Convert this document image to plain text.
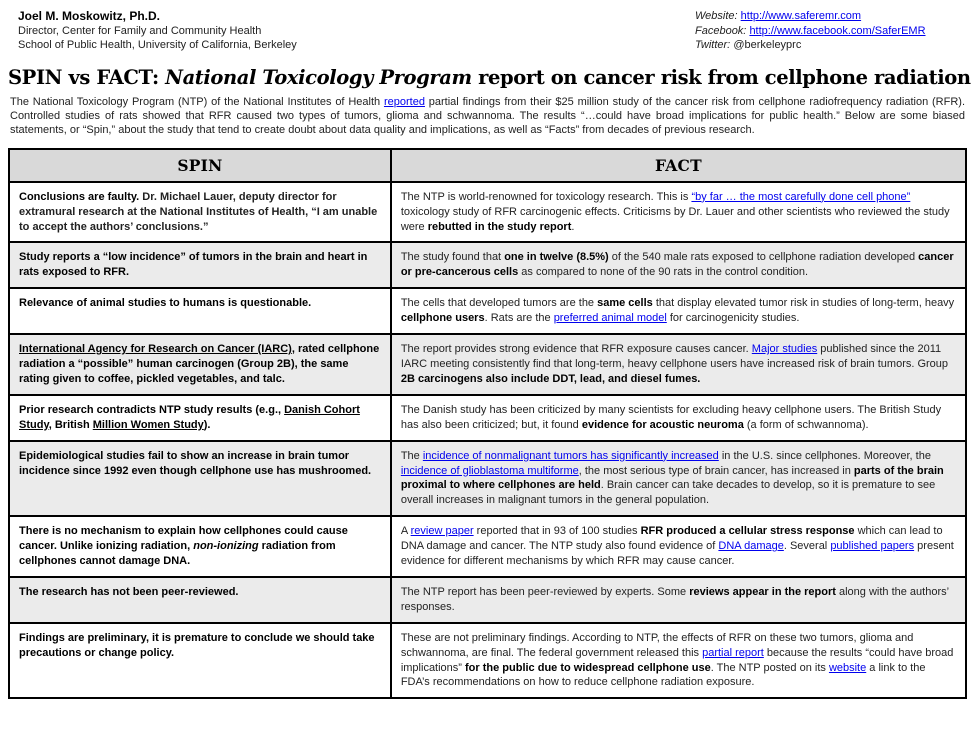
Joel M. Moskowitz, Ph.D.
Director, Center for Family and Community Health
School of Public Health, University of California, Berkeley
Website: http://www.saferemr.com
Facebook: http://www.facebook.com/SaferEMR
Twitter: @berkeleyprc
SPIN vs FACT: National Toxicology Program report on cancer risk from cellphone radiation

The National Toxicology Program (NTP) of the National Institutes of Health reported partial findings from their $25 million study of the cancer risk from cellphone radiofrequency radiation (RFR). Controlled studies of rats showed that RFR caused two types of tumors, glioma and schwannoma. The results “…could have broad implications for public health.” Below are some biased statements, or “Spin,” about the study that tend to create doubt about data quality and implications, as well as “Facts” from decades of previous research.

SPIN	FACT
Conclusions are faulty. Dr. Michael Lauer, deputy director for extramural research at the National Institutes of Health, “I am unable to accept the authors’ conclusions.”	The NTP is world-renowned for toxicology research. This is “by far … the most carefully done cell phone” toxicology study of RFR carcinogenic effects. Criticisms by Dr. Lauer and other scientists who reviewed the study were rebutted in the study report.
Study reports a “low incidence” of tumors in the brain and heart in rats exposed to RFR.	The study found that one in twelve (8.5%) of the 540 male rats exposed to cellphone radiation developed cancer or pre-cancerous cells as compared to none of the 90 rats in the control condition.
Relevance of animal studies to humans is questionable.	The cells that developed tumors are the same cells that display elevated tumor risk in studies of long-term, heavy cellphone users. Rats are the preferred animal model for carcinogenicity studies.
International Agency for Research on Cancer (IARC), rated cellphone radiation a “possible” human carcinogen (Group 2B), the same rating given to coffee, pickled vegetables, and talc.	The report provides strong evidence that RFR exposure causes cancer. Major studies published since the 2011 IARC meeting consistently find that long-term, heavy cellphone users have increased risk of brain tumors. Group 2B carcinogens also include DDT, lead, and diesel fumes.
Prior research contradicts NTP study results (e.g., Danish Cohort Study, British Million Women Study).	The Danish study has been criticized by many scientists for excluding heavy cellphone users. The British Study has also been criticized; but, it found evidence for acoustic neuroma (a form of schwannoma).
Epidemiological studies fail to show an increase in brain tumor incidence since 1992 even though cellphone use has mushroomed.	The incidence of nonmalignant tumors has significantly increased in the U.S. since cellphones. Moreover, the incidence of glioblastoma multiforme, the most serious type of brain cancer, has increased in parts of the brain proximal to where cellphones are held. Brain cancer can take decades to develop, so it is premature to see overall increases in malignant tumors in the general population.
There is no mechanism to explain how cellphones could cause cancer. Unlike ionizing radiation, non-ionizing radiation from cellphones cannot damage DNA.	A review paper reported that in 93 of 100 studies RFR produced a cellular stress response which can lead to DNA damage and cancer. The NTP study also found evidence of DNA damage. Several published papers present evidence for different mechanisms by which RFR may cause cancer.
The research has not been peer-reviewed.	The NTP report has been peer-reviewed by experts. Some reviews appear in the report along with the authors’ responses.
Findings are preliminary, it is premature to conclude we should take precautions or change policy.	These are not preliminary findings. According to NTP, the effects of RFR on these two tumors, glioma and schwannoma, are final. The federal government released this partial report because the results “could have broad implications” for the public due to widespread cellphone use. The NTP posted on its website a link to the FDA’s recommendations on how to reduce cellphone radiation exposure.
